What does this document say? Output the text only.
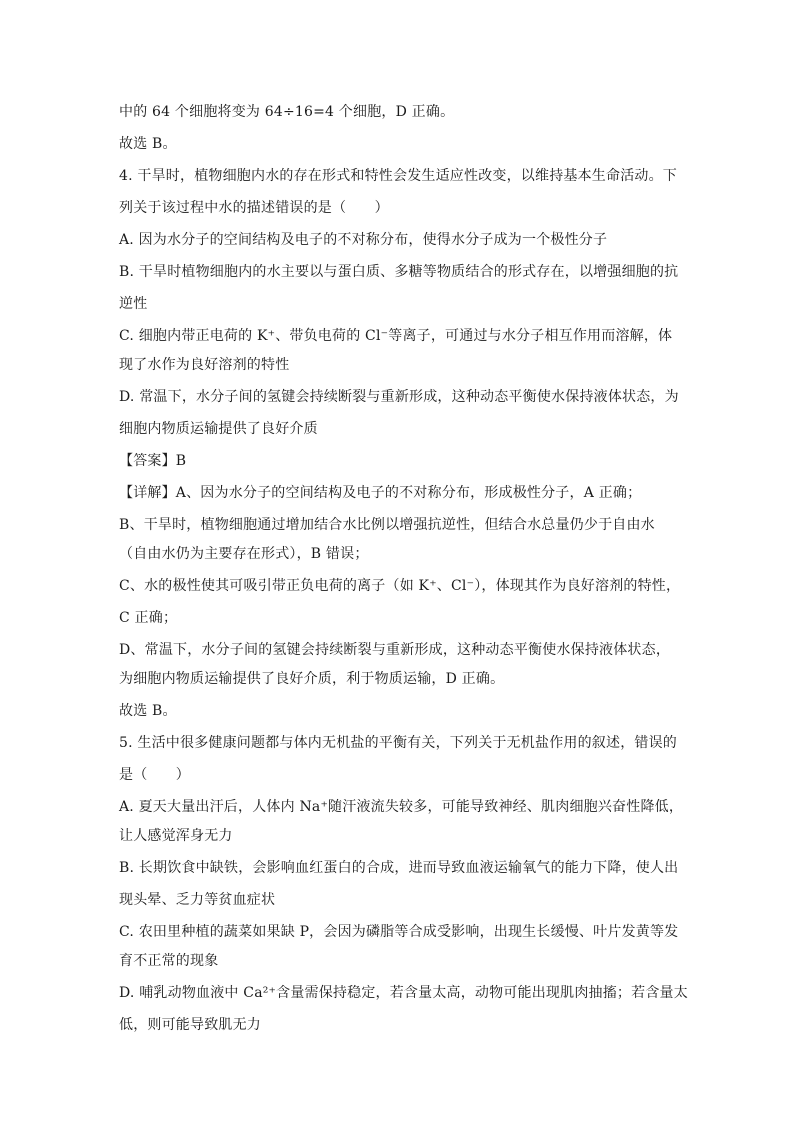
中的 64 个细胞将变为 64÷16=4 个细胞，D 正确。
故选 B。
4. 干旱时，植物细胞内水的存在形式和特性会发生适应性改变，以维持基本生命活动。下
列关于该过程中水的描述错误的是（　　）
A. 因为水分子的空间结构及电子的不对称分布，使得水分子成为一个极性分子
B. 干旱时植物细胞内的水主要以与蛋白质、多糖等物质结合的形式存在，以增强细胞的抗
逆性
C. 细胞内带正电荷的 K⁺、带负电荷的 Cl⁻等离子，可通过与水分子相互作用而溶解，体
现了水作为良好溶剂的特性
D. 常温下，水分子间的氢键会持续断裂与重新形成，这种动态平衡使水保持液体状态，为
细胞内物质运输提供了良好介质
【答案】B
【详解】A、因为水分子的空间结构及电子的不对称分布，形成极性分子，A 正确；
B、干旱时，植物细胞通过增加结合水比例以增强抗逆性，但结合水总量仍少于自由水
（自由水仍为主要存在形式），B 错误；
C、水的极性使其可吸引带正负电荷的离子（如 K⁺、Cl⁻），体现其作为良好溶剂的特性，
C 正确；
D、常温下，水分子间的氢键会持续断裂与重新形成，这种动态平衡使水保持液体状态，
为细胞内物质运输提供了良好介质，利于物质运输，D 正确。
故选 B。
5. 生活中很多健康问题都与体内无机盐的平衡有关，下列关于无机盐作用的叙述，错误的
是（　　）
A. 夏天大量出汗后，人体内 Na⁺随汗液流失较多，可能导致神经、肌肉细胞兴奋性降低，
让人感觉浑身无力
B. 长期饮食中缺铁，会影响血红蛋白的合成，进而导致血液运输氧气的能力下降，使人出
现头晕、乏力等贫血症状
C. 农田里种植的蔬菜如果缺 P，会因为磷脂等合成受影响，出现生长缓慢、叶片发黄等发
育不正常的现象
D. 哺乳动物血液中 Ca²⁺含量需保持稳定，若含量太高，动物可能出现肌肉抽搐；若含量太
低，则可能导致肌无力
